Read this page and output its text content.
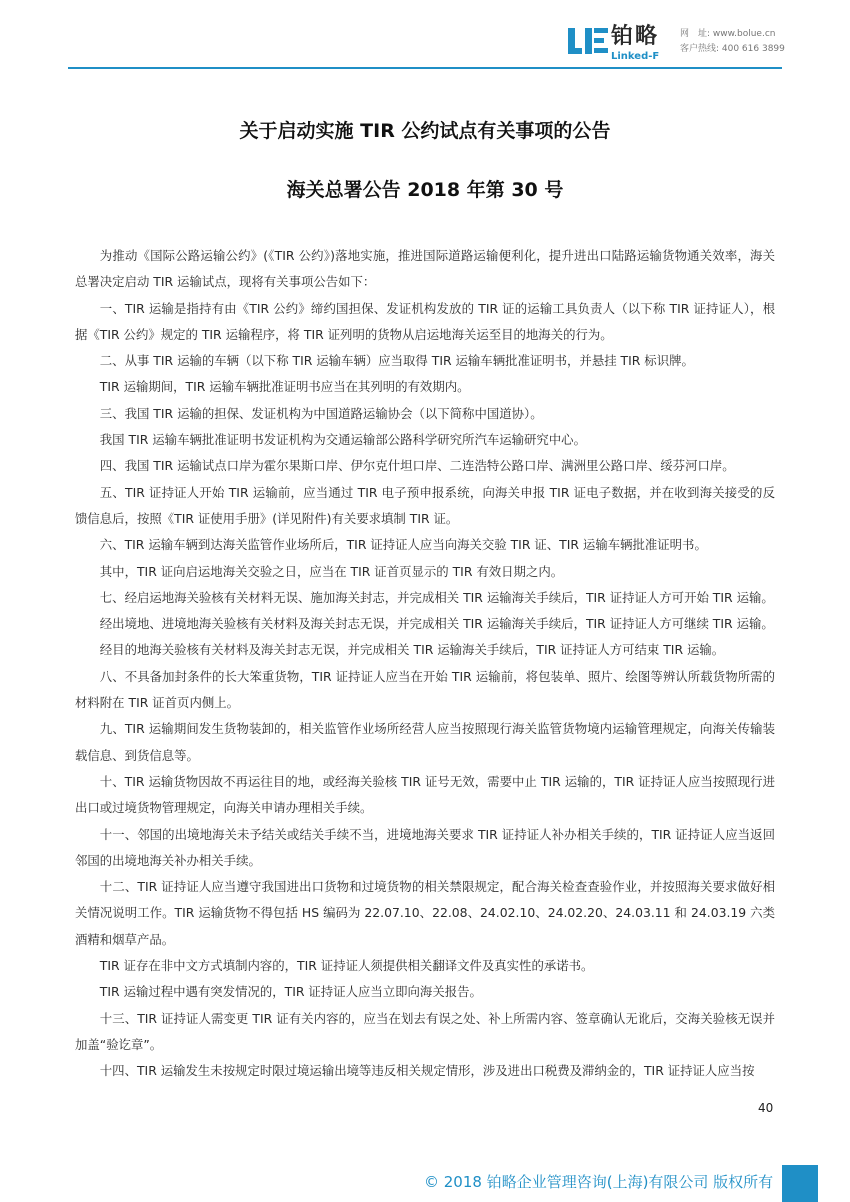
铂略
Linked-F
网　址: www.bolue.cn
客户热线: 400 616 3899
关于启动实施 TIR 公约试点有关事项的公告
海关总署公告 2018 年第 30 号

为推动《国际公路运输公约》(《TIR 公约》)落地实施，推进国际道路运输便利化，提升进出口陆路运输货物通关效率，海关总署决定启动 TIR 运输试点，现将有关事项公告如下：

一、TIR 运输是指持有由《TIR 公约》缔约国担保、发证机构发放的 TIR 证的运输工具负责人（以下称 TIR 证持证人），根据《TIR 公约》规定的 TIR 运输程序，将 TIR 证列明的货物从启运地海关运至目的地海关的行为。

二、从事 TIR 运输的车辆（以下称 TIR 运输车辆）应当取得 TIR 运输车辆批准证明书，并悬挂 TIR 标识牌。

TIR 运输期间，TIR 运输车辆批准证明书应当在其列明的有效期内。

三、我国 TIR 运输的担保、发证机构为中国道路运输协会（以下简称中国道协）。

我国 TIR 运输车辆批准证明书发证机构为交通运输部公路科学研究所汽车运输研究中心。

四、我国 TIR 运输试点口岸为霍尔果斯口岸、伊尔克什坦口岸、二连浩特公路口岸、满洲里公路口岸、绥芬河口岸。

五、TIR 证持证人开始 TIR 运输前，应当通过 TIR 电子预申报系统，向海关申报 TIR 证电子数据，并在收到海关接受的反馈信息后，按照《TIR 证使用手册》(详见附件)有关要求填制 TIR 证。

六、TIR 运输车辆到达海关监管作业场所后，TIR 证持证人应当向海关交验 TIR 证、TIR 运输车辆批准证明书。

其中，TIR 证向启运地海关交验之日，应当在 TIR 证首页显示的 TIR 有效日期之内。

七、经启运地海关验核有关材料无误、施加海关封志，并完成相关 TIR 运输海关手续后，TIR 证持证人方可开始 TIR 运输。

经出境地、进境地海关验核有关材料及海关封志无误，并完成相关 TIR 运输海关手续后，TIR 证持证人方可继续 TIR 运输。

经目的地海关验核有关材料及海关封志无误，并完成相关 TIR 运输海关手续后，TIR 证持证人方可结束 TIR 运输。

八、不具备加封条件的长大笨重货物，TIR 证持证人应当在开始 TIR 运输前，将包装单、照片、绘图等辨认所载货物所需的材料附在 TIR 证首页内侧上。

九、TIR 运输期间发生货物装卸的，相关监管作业场所经营人应当按照现行海关监管货物境内运输管理规定，向海关传输装载信息、到货信息等。

十、TIR 运输货物因故不再运往目的地，或经海关验核 TIR 证号无效，需要中止 TIR 运输的，TIR 证持证人应当按照现行进出口或过境货物管理规定，向海关申请办理相关手续。

十一、邻国的出境地海关未予结关或结关手续不当，进境地海关要求 TIR 证持证人补办相关手续的，TIR 证持证人应当返回邻国的出境地海关补办相关手续。

十二、TIR 证持证人应当遵守我国进出口货物和过境货物的相关禁限规定，配合海关检查查验作业，并按照海关要求做好相关情况说明工作。TIR 运输货物不得包括 HS 编码为 22.07.10、22.08、24.02.10、24.02.20、24.03.11 和 24.03.19 六类酒精和烟草产品。

TIR 证存在非中文方式填制内容的，TIR 证持证人须提供相关翻译文件及真实性的承诺书。

TIR 运输过程中遇有突发情况的，TIR 证持证人应当立即向海关报告。

十三、TIR 证持证人需变更 TIR 证有关内容的，应当在划去有误之处、补上所需内容、签章确认无讹后，交海关验核无误并加盖“验讫章”。

十四、TIR 运输发生未按规定时限过境运输出境等违反相关规定情形，涉及进出口税费及滞纳金的，TIR 证持证人应当按

40
© 2018 铂略企业管理咨询(上海)有限公司 版权所有
